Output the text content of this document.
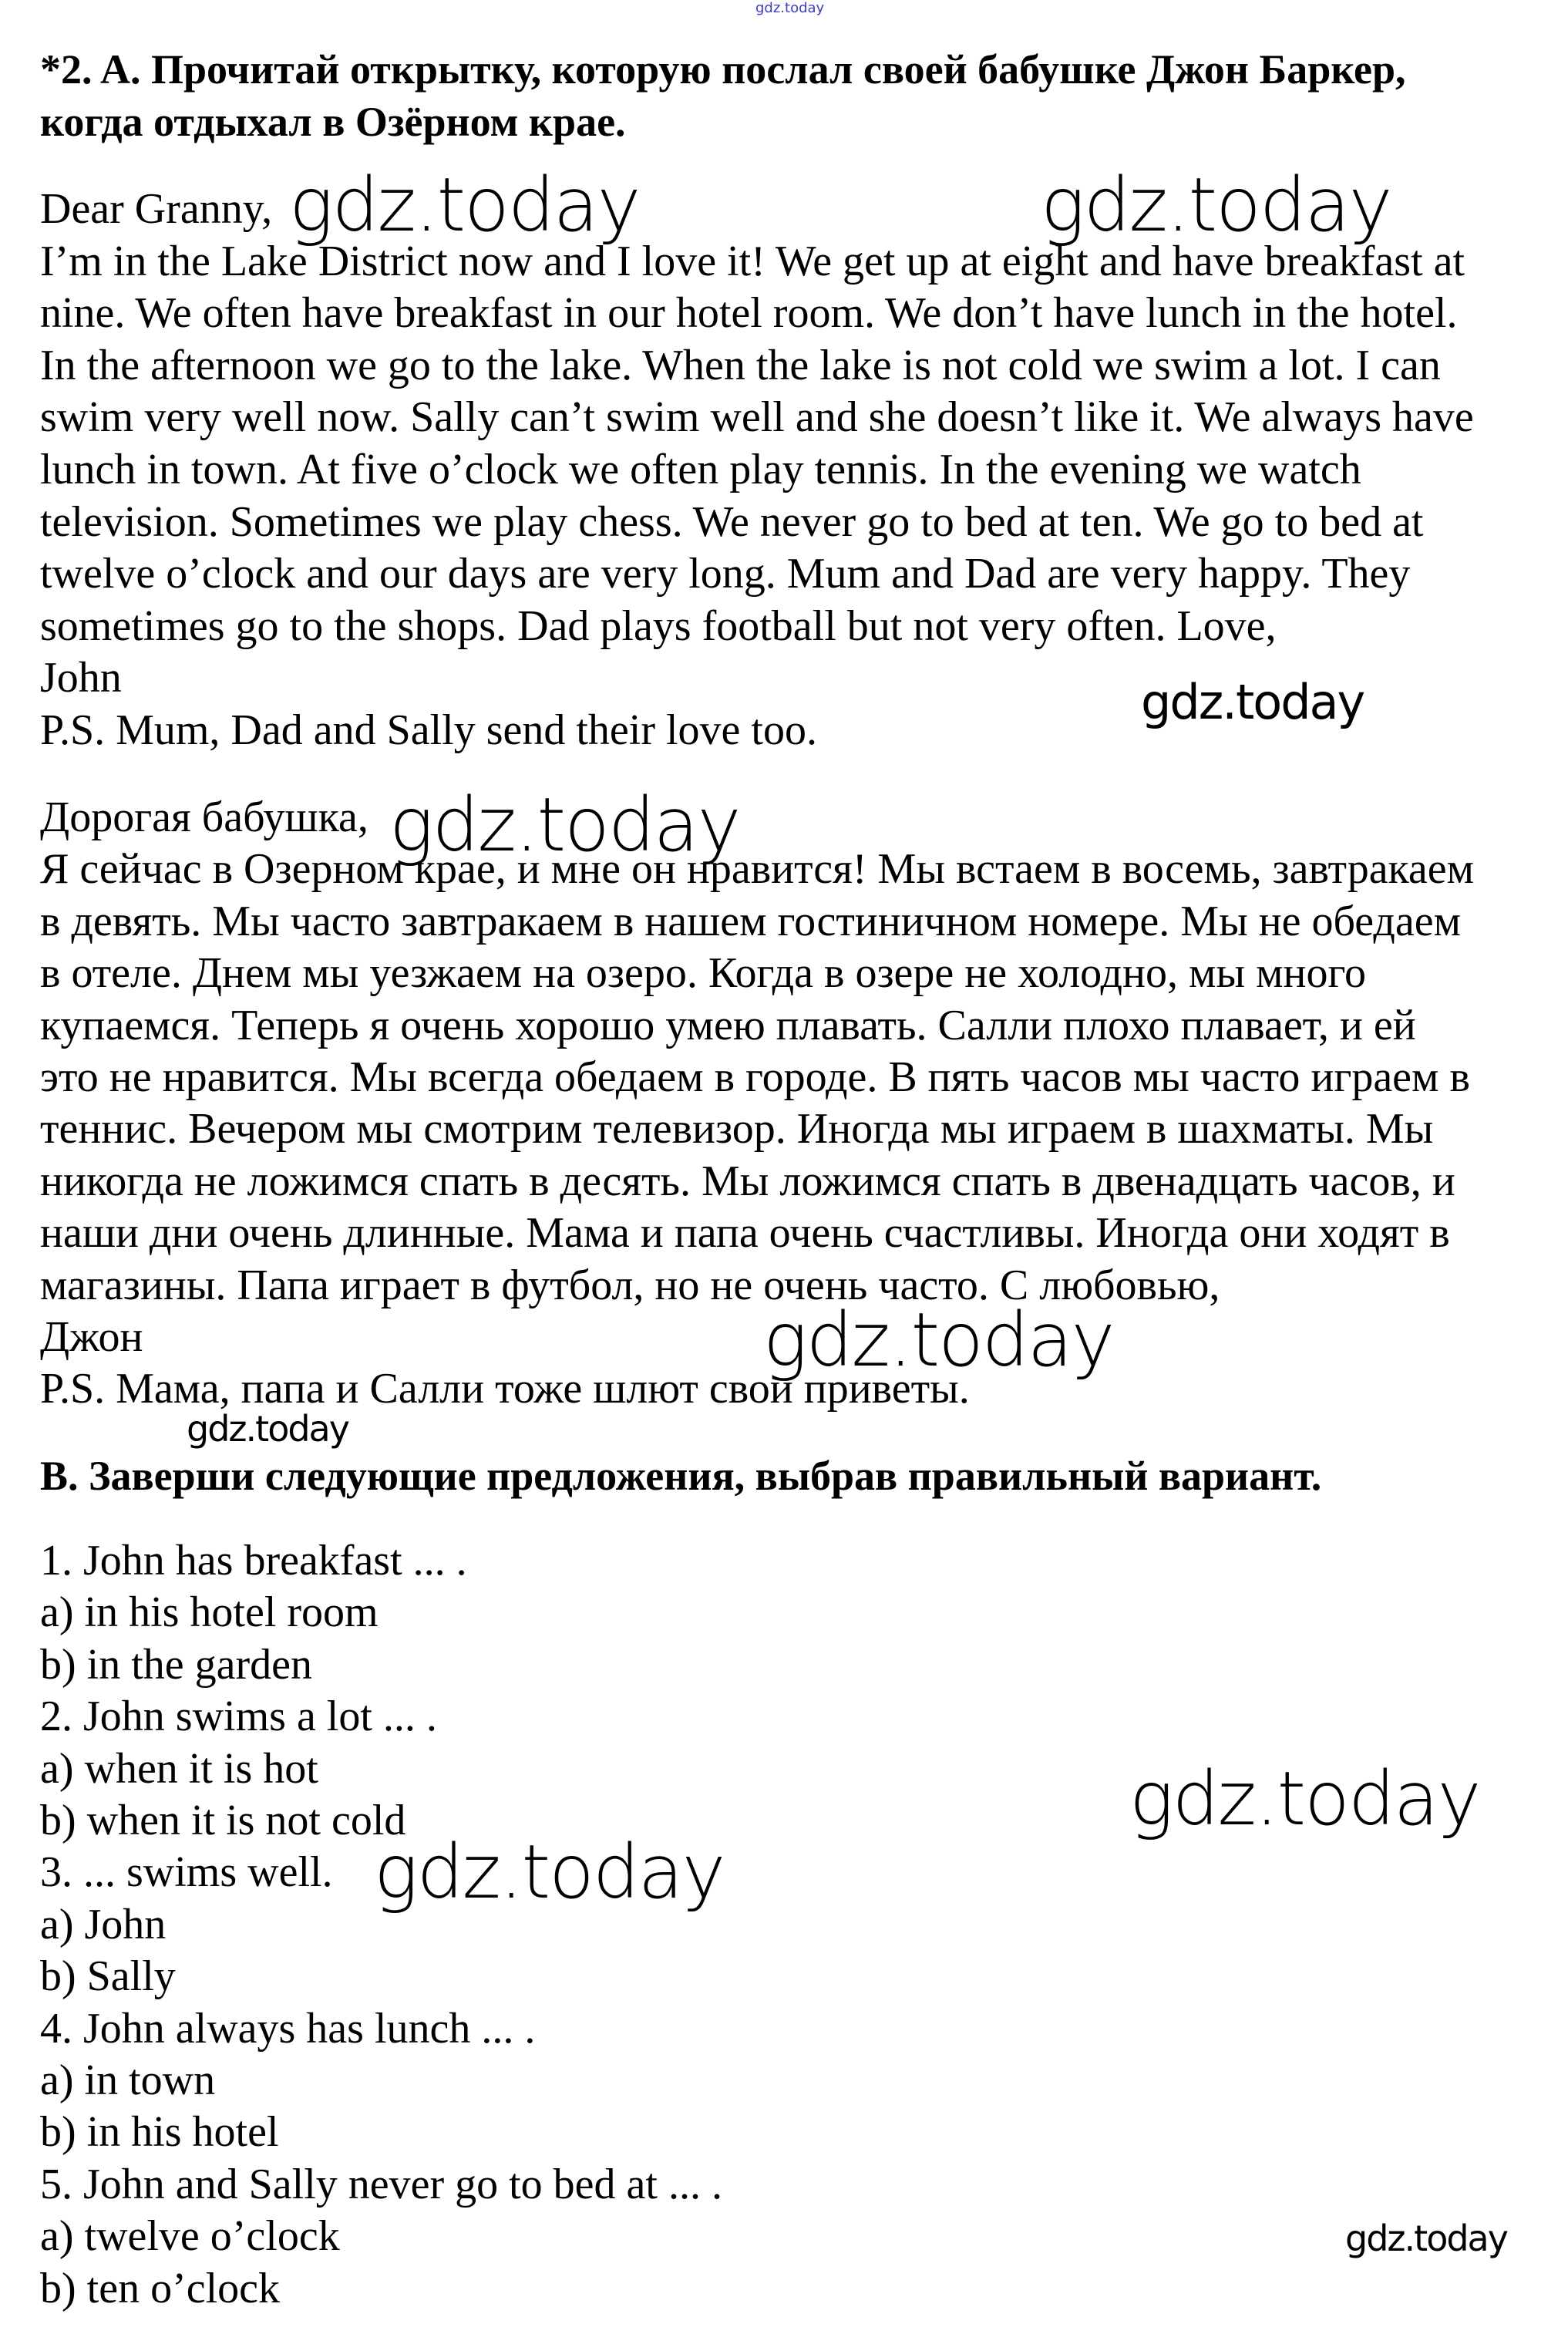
*2. A. Прочитай открытку, которую послал своей бабушке Джон Баркер,
когда отдыхал в Озёрном крае.
Dear Granny,
I’m in the Lake District now and I love it! We get up at eight and have breakfast at
nine. We often have breakfast in our hotel room. We don’t have lunch in the hotel.
In the afternoon we go to the lake. When the lake is not cold we swim a lot. I can
swim very well now. Sally can’t swim well and she doesn’t like it. We always have
lunch in town. At five o’clock we often play tennis. In the evening we watch
television. Sometimes we play chess. We never go to bed at ten. We go to bed at
twelve o’clock and our days are very long. Mum and Dad are very happy. They
sometimes go to the shops. Dad plays football but not very often. Love,
John
P.S. Mum, Dad and Sally send their love too.
Дорогая бабушка,
Я сейчас в Озерном крае, и мне он нравится! Мы встаем в восемь, завтракаем
в девять. Мы часто завтракаем в нашем гостиничном номере. Мы не обедаем
в отеле. Днем мы уезжаем на озеро. Когда в озере не холодно, мы много
купаемся. Теперь я очень хорошо умею плавать. Салли плохо плавает, и ей
это не нравится. Мы всегда обедаем в городе. В пять часов мы часто играем в
теннис. Вечером мы смотрим телевизор. Иногда мы играем в шахматы. Мы
никогда не ложимся спать в десять. Мы ложимся спать в двенадцать часов, и
наши дни очень длинные. Мама и папа очень счастливы. Иногда они ходят в
магазины. Папа играет в футбол, но не очень часто. С любовью,
Джон
P.S. Мама, папа и Салли тоже шлют свои приветы.
B. Заверши следующие предложения, выбрав правильный вариант.
1. John has breakfast ... .
a) in his hotel room
b) in the garden
2. John swims a lot ... .
a) when it is hot
b) when it is not cold
3. ... swims well.
a) John
b) Sally
4. John always has lunch ... .
a) in town
b) in his hotel
5. John and Sally never go to bed at ... .
a) twelve o’clock
b) ten o’clock
gdz.today
gdz.today	gdz.today
gdz.today
gdz.today
gdz.today
gdz.today
gdz.today
gdz.today
gdz.today
